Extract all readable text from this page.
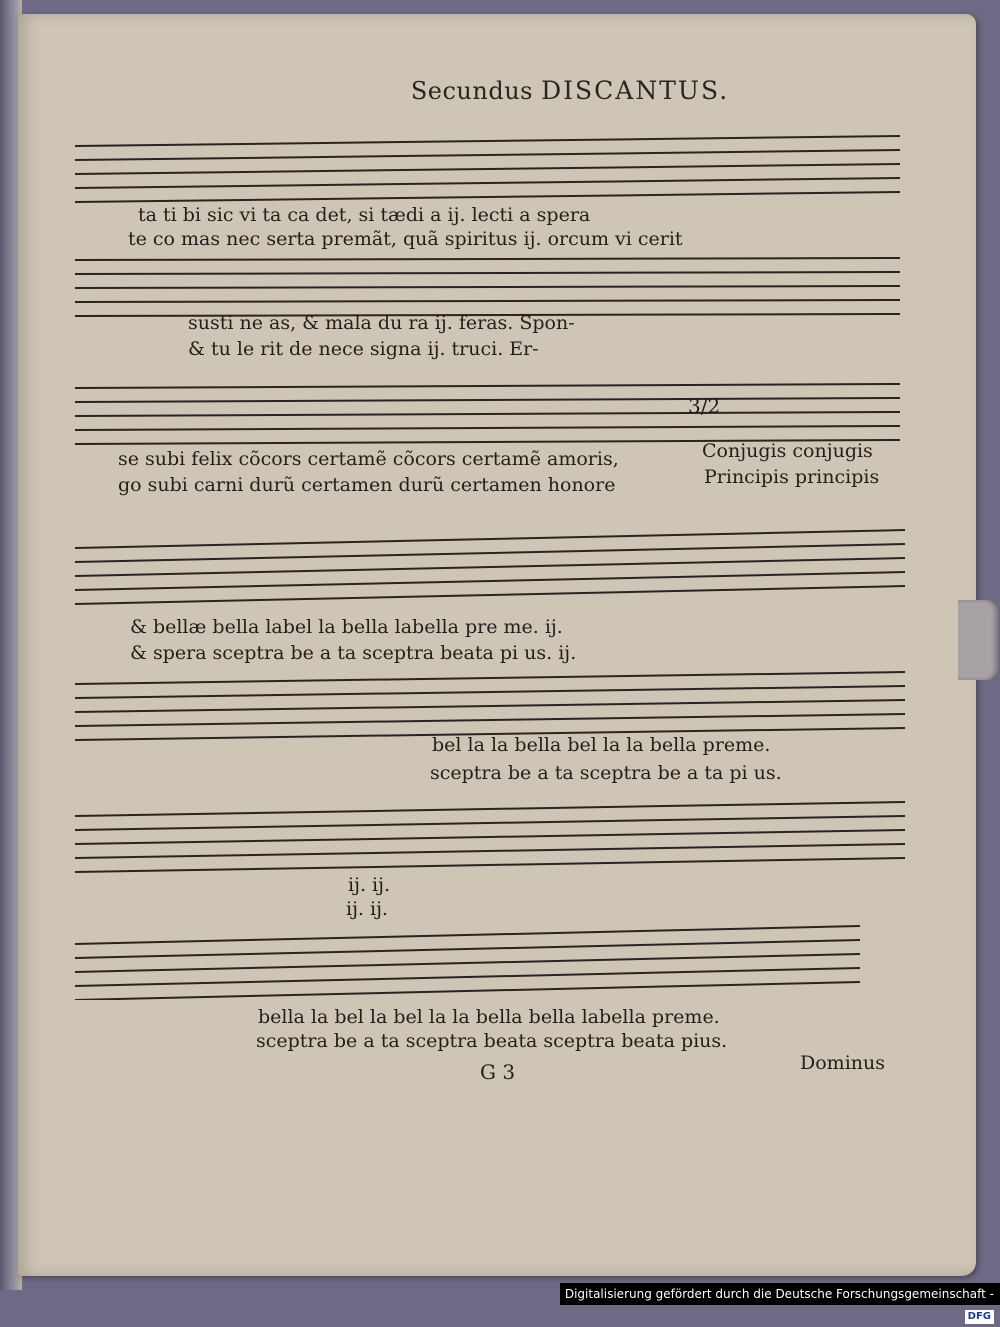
Secundus DISCANTUS.
ta ti bi sic vi ta ca det, si tædi a ij. lecti a spera
te co mas nec serta premãt, quã spiritus ij. orcum vi cerit
susti ne as, & mala du ra ij. feras. Spon-
& tu le rit de nece signa ij. truci. Er-
3/2
se subi felix cõcors certamẽ cõcors certamẽ amoris,
go subi carni durũ certamen durũ certamen honore
Conjugis conjugis
Principis principis
& bellæ bella label la bella labella pre me. ij.
& spera sceptra be a ta sceptra beata pi us. ij.
bel la la bella bel la la bella preme.
sceptra be a ta sceptra be a ta pi us.
ij. ij.
ij. ij.
bella la bel la bel la la bella bella labella preme.
sceptra be a ta sceptra beata sceptra beata pius.
G 3	Dominus
Digitalisierung gefördert durch die Deutsche Forschungsgemeinschaft - DFG
